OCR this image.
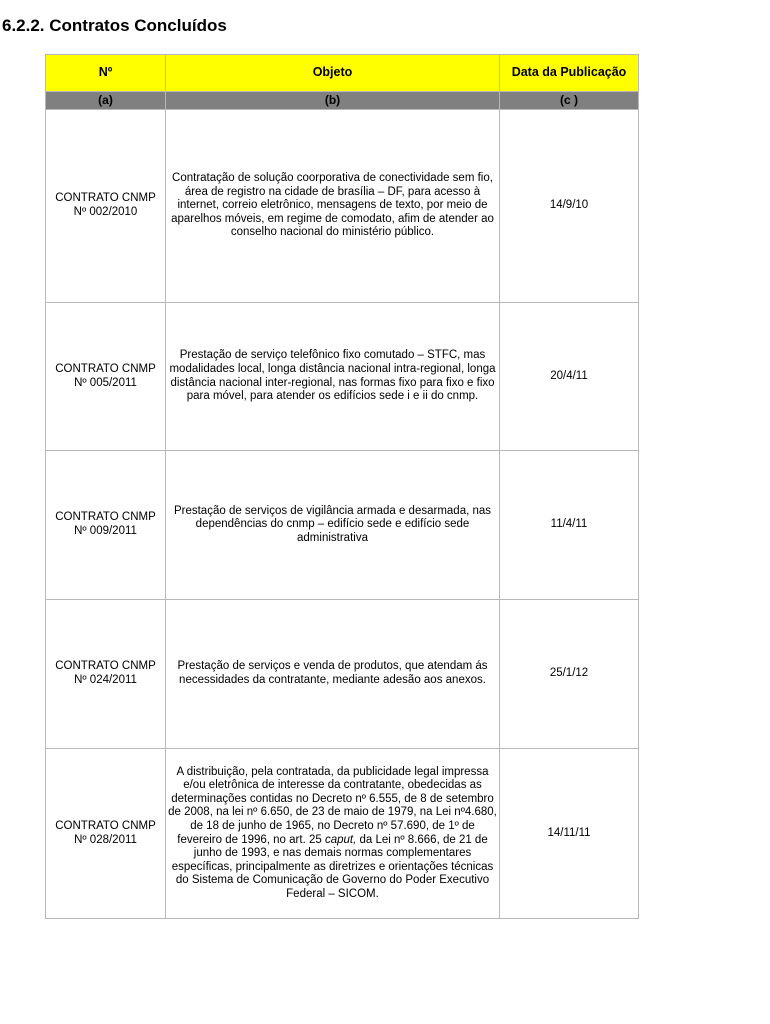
6.2.2. Contratos Concluídos
Nº	Objeto	Data da Publicação
(a)	(b)	(c )
CONTRATO CNMP
Nº 002/2010	Contratação de solução coorporativa de conectividade sem fio, área de registro na cidade de brasília – DF, para acesso à internet, correio eletrônico, mensagens de texto, por meio de aparelhos móveis, em regime de comodato, afim de atender ao conselho nacional do ministério público.	14/9/10
CONTRATO CNMP
Nº 005/2011	Prestação de serviço telefônico fixo comutado – STFC, mas modalidades local, longa distância nacional intra-regional, longa distância nacional inter-regional, nas formas fixo para fixo e fixo para móvel, para atender os edifícios sede i e ii do cnmp.	20/4/11
CONTRATO CNMP
Nº 009/2011	Prestação de serviços de vigilância armada e desarmada, nas dependências do cnmp – edifício sede e edifício sede administrativa	11/4/11
CONTRATO CNMP
Nº 024/2011	Prestação de serviços e venda de produtos, que atendam ás necessidades da contratante, mediante adesão aos anexos.	25/1/12
CONTRATO CNMP
Nº 028/2011	A distribuição, pela contratada, da publicidade legal impressa e/ou eletrônica de interesse da contratante, obedecidas as determinações contidas no Decreto nº 6.555, de 8 de setembro de 2008, na lei nº 6.650, de 23 de maio de 1979, na Lei nº4.680, de 18 de junho de 1965, no Decreto nº 57.690, de 1º de fevereiro de 1996, no art. 25 caput, da Lei nº 8.666, de 21 de junho de 1993, e nas demais normas complementares específicas, principalmente as diretrizes e orientações técnicas do Sistema de Comunicação de Governo do Poder Executivo Federal – SICOM.	14/11/11
